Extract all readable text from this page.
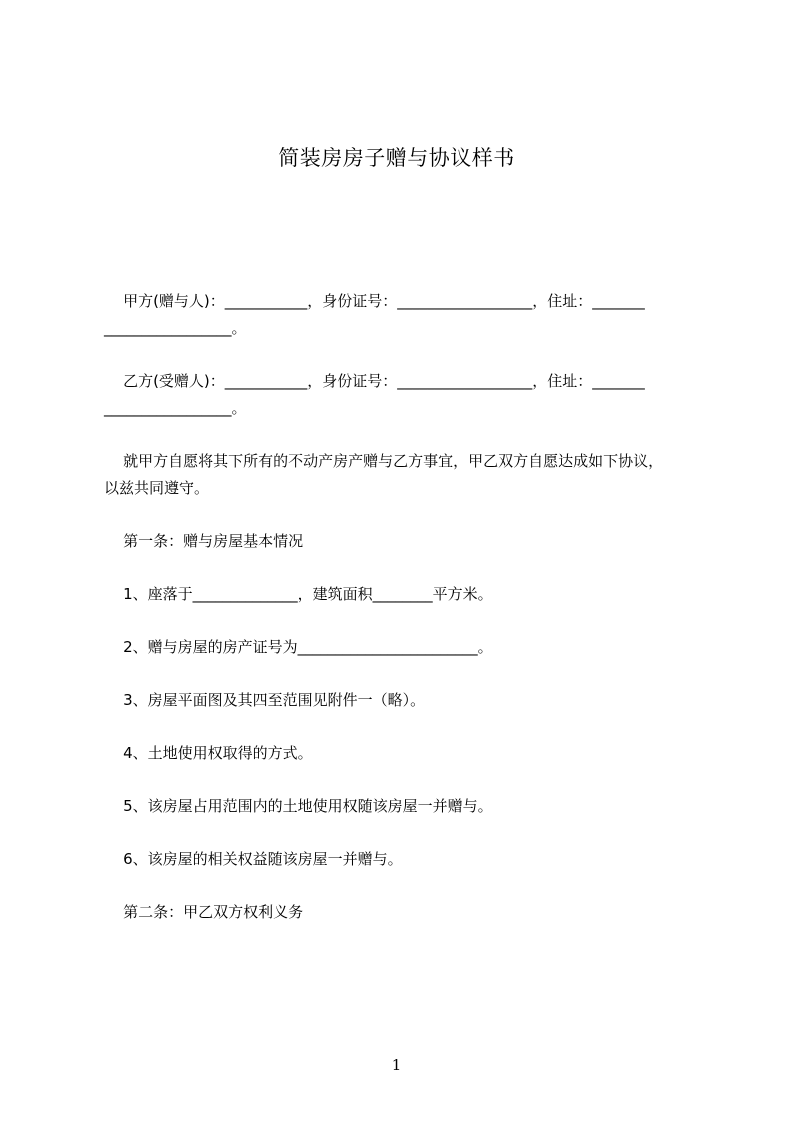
简装房房子赠与协议样书
甲方(赠与人)：___________，身份证号：__________________，住址：_______
_________________。
乙方(受赠人)：___________，身份证号：__________________，住址：_______
_________________。
就甲方自愿将其下所有的不动产房产赠与乙方事宜，甲乙双方自愿达成如下协议，
以兹共同遵守。
第一条：赠与房屋基本情况
1、座落于______________，建筑面积________平方米。
2、赠与房屋的房产证号为________________________。
3、房屋平面图及其四至范围见附件一（略）。
4、土地使用权取得的方式。
5、该房屋占用范围内的土地使用权随该房屋一并赠与。
6、该房屋的相关权益随该房屋一并赠与。
第二条：甲乙双方权利义务
1
